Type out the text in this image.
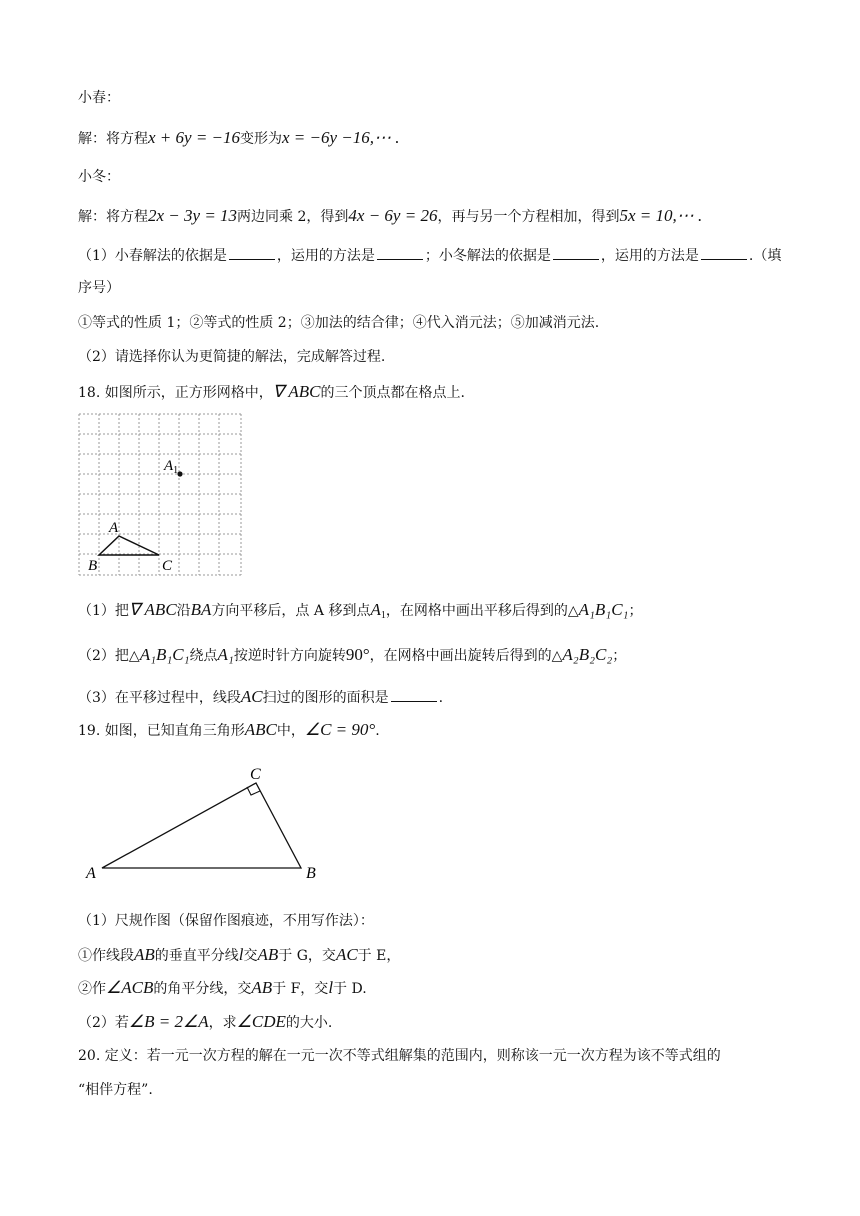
小春：
解：将方程x + 6y = −16变形为x = −6y −16,⋯ .
小冬：
解：将方程2x − 3y = 13两边同乘 2，得到4x − 6y = 26，再与另一个方程相加，得到5x = 10,⋯ .
（1）小春解法的依据是	，运用的方法是	；小冬解法的依据是	，运用的方法是	.（填
序号）
①等式的性质 1；②等式的性质 2；③加法的结合律；④代入消元法；⑤加减消元法.
（2）请选择你认为更简捷的解法，完成解答过程.
18. 如图所示，正方形网格中，∇ ABC的三个顶点都在格点上.
$A_1$
A
B	C
（1）把∇ ABC沿BA方向平移后，点 A 移到点$A_1$，在网格中画出平移后得到的△A₁B₁C₁；
（2）把△A₁B₁C₁绕点A₁按逆时针方向旋转90°，在网格中画出旋转后得到的△A₂B₂C₂；
（3）在平移过程中，线段AC扫过的图形的面积是	.
19. 如图，已知直角三角形ABC中，∠C = 90°.
A	B
C
（1）尺规作图（保留作图痕迹，不用写作法）：
①作线段AB的垂直平分线l交AB于 G，交AC于 E，
②作∠ACB的角平分线，交AB于 F，交l于 D.
（2）若∠B = 2∠A，求∠CDE的大小.
20. 定义：若一元一次方程的解在一元一次不等式组解集的范围内，则称该一元一次方程为该不等式组的
“相伴方程”.
